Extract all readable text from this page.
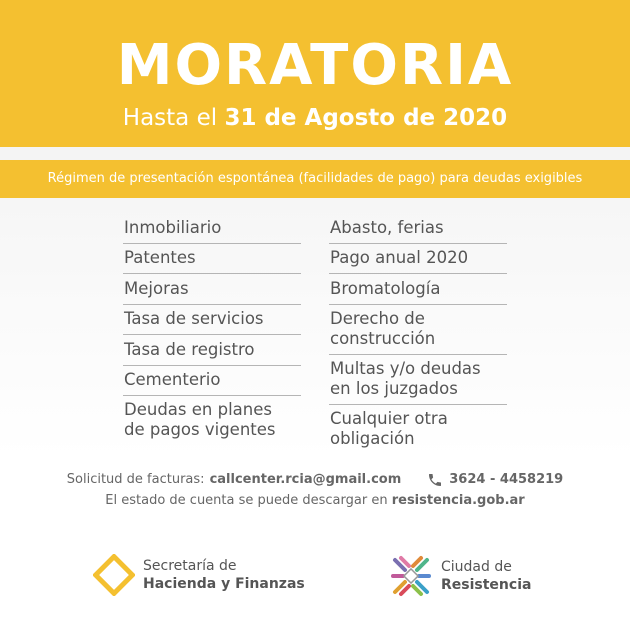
MORATORIA
Hasta el 31 de Agosto de 2020
Régimen de presentación espontánea (facilidades de pago) para deudas exigibles
Inmobiliario
Patentes
Mejoras
Tasa de servicios
Tasa de registro
Cementerio
Deudas en planes
de pagos vigentes
Abasto, ferias
Pago anual 2020
Bromatología
Derecho de
construcción
Multas y/o deudas
en los juzgados
Cualquier otra
obligación
Solicitud de facturas: callcenter.rcia@gmail.com	3624 - 4458219
El estado de cuenta se puede descargar en resistencia.gob.ar
Secretaría de
Hacienda y Finanzas
Ciudad de
Resistencia
